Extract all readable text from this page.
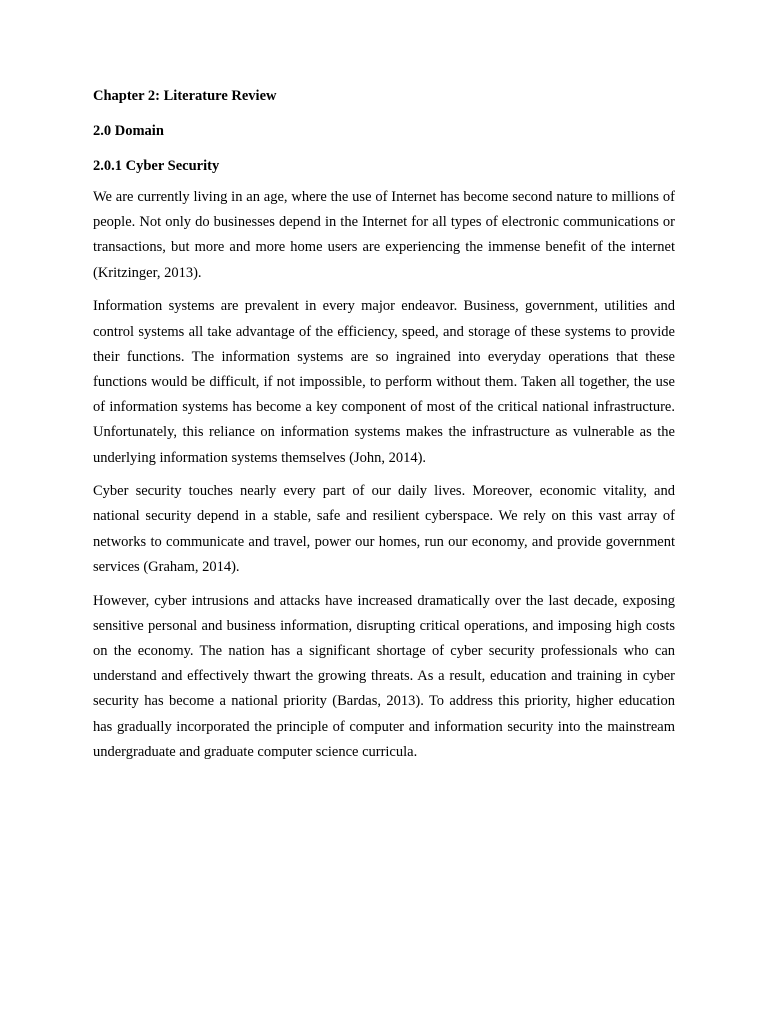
Chapter 2: Literature Review

2.0 Domain

2.0.1 Cyber Security

We are currently living in an age, where the use of Internet has become second nature to millions of people. Not only do businesses depend in the Internet for all types of electronic communications or transactions, but more and more home users are experiencing the immense benefit of the internet (Kritzinger, 2013).

Information systems are prevalent in every major endeavor. Business, government, utilities and control systems all take advantage of the efficiency, speed, and storage of these systems to provide their functions. The information systems are so ingrained into everyday operations that these functions would be difficult, if not impossible, to perform without them. Taken all together, the use of information systems has become a key component of most of the critical national infrastructure. Unfortunately, this reliance on information systems makes the infrastructure as vulnerable as the underlying information systems themselves (John, 2014).

Cyber security touches nearly every part of our daily lives. Moreover, economic vitality, and national security depend in a stable, safe and resilient cyberspace. We rely on this vast array of networks to communicate and travel, power our homes, run our economy, and provide government services (Graham, 2014).

However, cyber intrusions and attacks have increased dramatically over the last decade, exposing sensitive personal and business information, disrupting critical operations, and imposing high costs on the economy. The nation has a significant shortage of cyber security professionals who can understand and effectively thwart the growing threats. As a result, education and training in cyber security has become a national priority (Bardas, 2013). To address this priority, higher education has gradually incorporated the principle of computer and information security into the mainstream undergraduate and graduate computer science curricula.
